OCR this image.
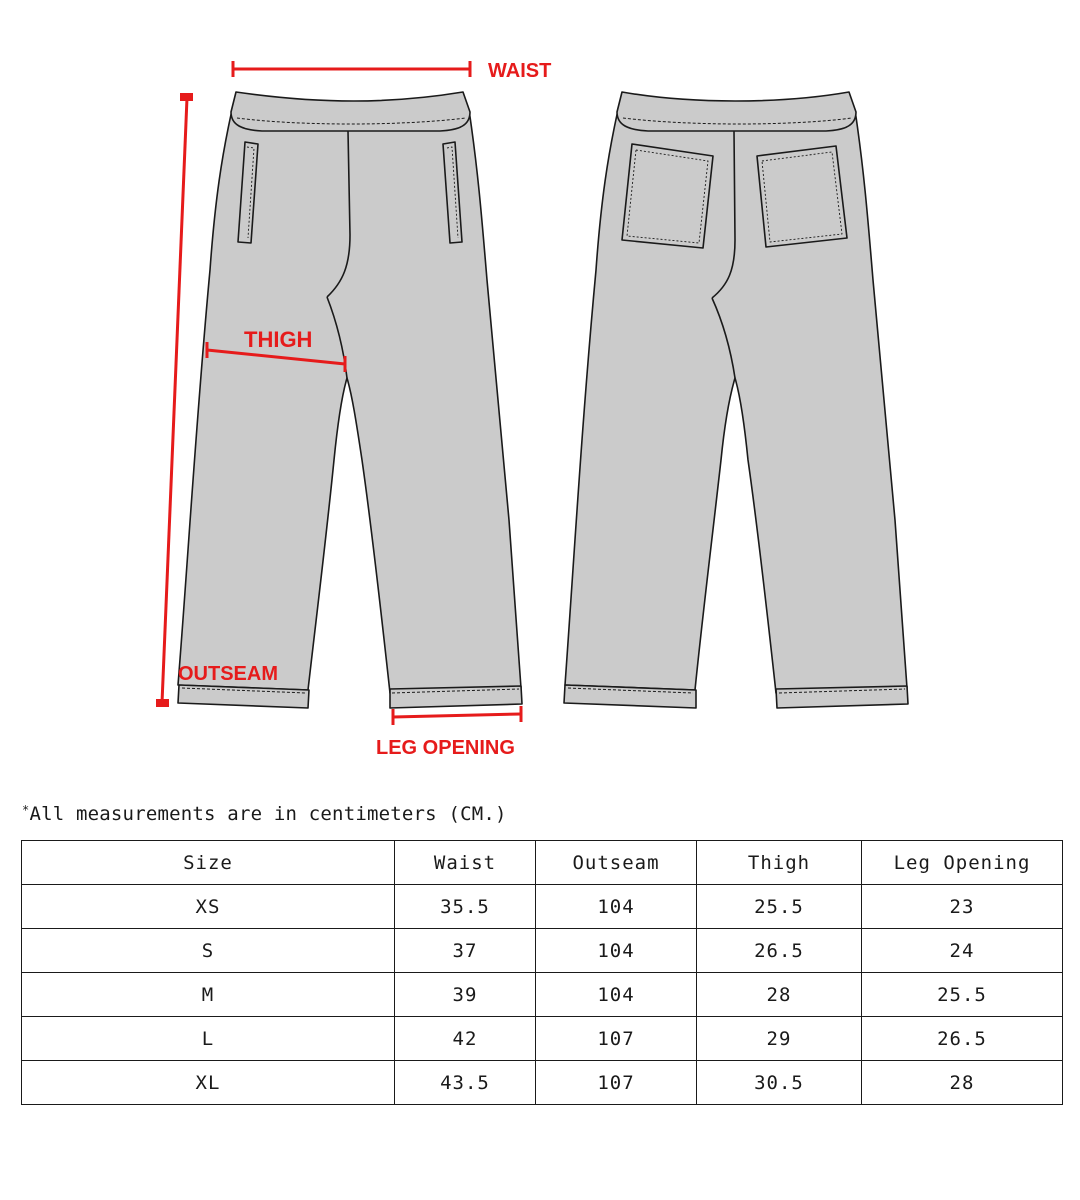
WAIST
THIGH
OUTSEAM
LEG OPENING
*All measurements are in centimeters (CM.)
Size	Waist	Outseam	Thigh	Leg Opening
XS	35.5	104	25.5	23
S	37	104	26.5	24
M	39	104	28	25.5
L	42	107	29	26.5
XL	43.5	107	30.5	28
